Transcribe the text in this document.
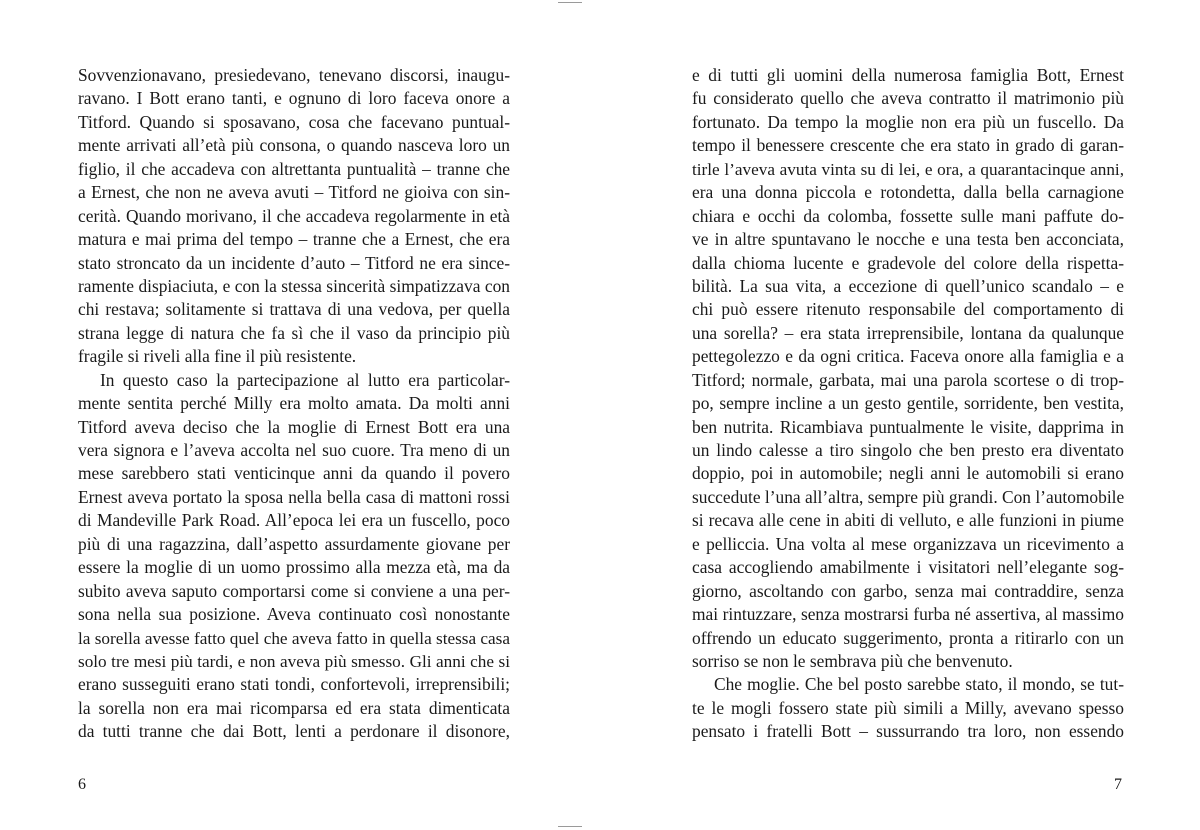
Sovvenzionavano, presiedevano, tenevano discorsi, inaugu-
ravano. I Bott erano tanti, e ognuno di loro faceva onore a
Titford. Quando si sposavano, cosa che facevano puntual-
mente arrivati all’età più consona, o quando nasceva loro un
figlio, il che accadeva con altrettanta puntualità – tranne che
a Ernest, che non ne aveva avuti – Titford ne gioiva con sin-
cerità. Quando morivano, il che accadeva regolarmente in età
matura e mai prima del tempo – tranne che a Ernest, che era
stato stroncato da un incidente d’auto – Titford ne era since-
ramente dispiaciuta, e con la stessa sincerità simpatizzava con
chi restava; solitamente si trattava di una vedova, per quella
strana legge di natura che fa sì che il vaso da principio più
fragile si riveli alla fine il più resistente.
In questo caso la partecipazione al lutto era particolar-
mente sentita perché Milly era molto amata. Da molti anni
Titford aveva deciso che la moglie di Ernest Bott era una
vera signora e l’aveva accolta nel suo cuore. Tra meno di un
mese sarebbero stati venticinque anni da quando il povero
Ernest aveva portato la sposa nella bella casa di mattoni rossi
di Mandeville Park Road. All’epoca lei era un fuscello, poco
più di una ragazzina, dall’aspetto assurdamente giovane per
essere la moglie di un uomo prossimo alla mezza età, ma da
subito aveva saputo comportarsi come si conviene a una per-
sona nella sua posizione. Aveva continuato così nonostante
la sorella avesse fatto quel che aveva fatto in quella stessa casa
solo tre mesi più tardi, e non aveva più smesso. Gli anni che si
erano susseguiti erano stati tondi, confortevoli, irreprensibili;
la sorella non era mai ricomparsa ed era stata dimenticata
da tutti tranne che dai Bott, lenti a perdonare il disonore,
e di tutti gli uomini della numerosa famiglia Bott, Ernest
fu considerato quello che aveva contratto il matrimonio più
fortunato. Da tempo la moglie non era più un fuscello. Da
tempo il benessere crescente che era stato in grado di garan-
tirle l’aveva avuta vinta su di lei, e ora, a quarantacinque anni,
era una donna piccola e rotondetta, dalla bella carnagione
chiara e occhi da colomba, fossette sulle mani paffute do-
ve in altre spuntavano le nocche e una testa ben acconciata,
dalla chioma lucente e gradevole del colore della rispetta-
bilità. La sua vita, a eccezione di quell’unico scandalo – e
chi può essere ritenuto responsabile del comportamento di
una sorella? – era stata irreprensibile, lontana da qualunque
pettegolezzo e da ogni critica. Faceva onore alla famiglia e a
Titford; normale, garbata, mai una parola scortese o di trop-
po, sempre incline a un gesto gentile, sorridente, ben vestita,
ben nutrita. Ricambiava puntualmente le visite, dapprima in
un lindo calesse a tiro singolo che ben presto era diventato
doppio, poi in automobile; negli anni le automobili si erano
succedute l’una all’altra, sempre più grandi. Con l’automobile
si recava alle cene in abiti di velluto, e alle funzioni in piume
e pelliccia. Una volta al mese organizzava un ricevimento a
casa accogliendo amabilmente i visitatori nell’elegante sog-
giorno, ascoltando con garbo, senza mai contraddire, senza
mai rintuzzare, senza mostrarsi furba né assertiva, al massimo
offrendo un educato suggerimento, pronta a ritirarlo con un
sorriso se non le sembrava più che benvenuto.
Che moglie. Che bel posto sarebbe stato, il mondo, se tut-
te le mogli fossero state più simili a Milly, avevano spesso
pensato i fratelli Bott – sussurrando tra loro, non essendo
6	7
